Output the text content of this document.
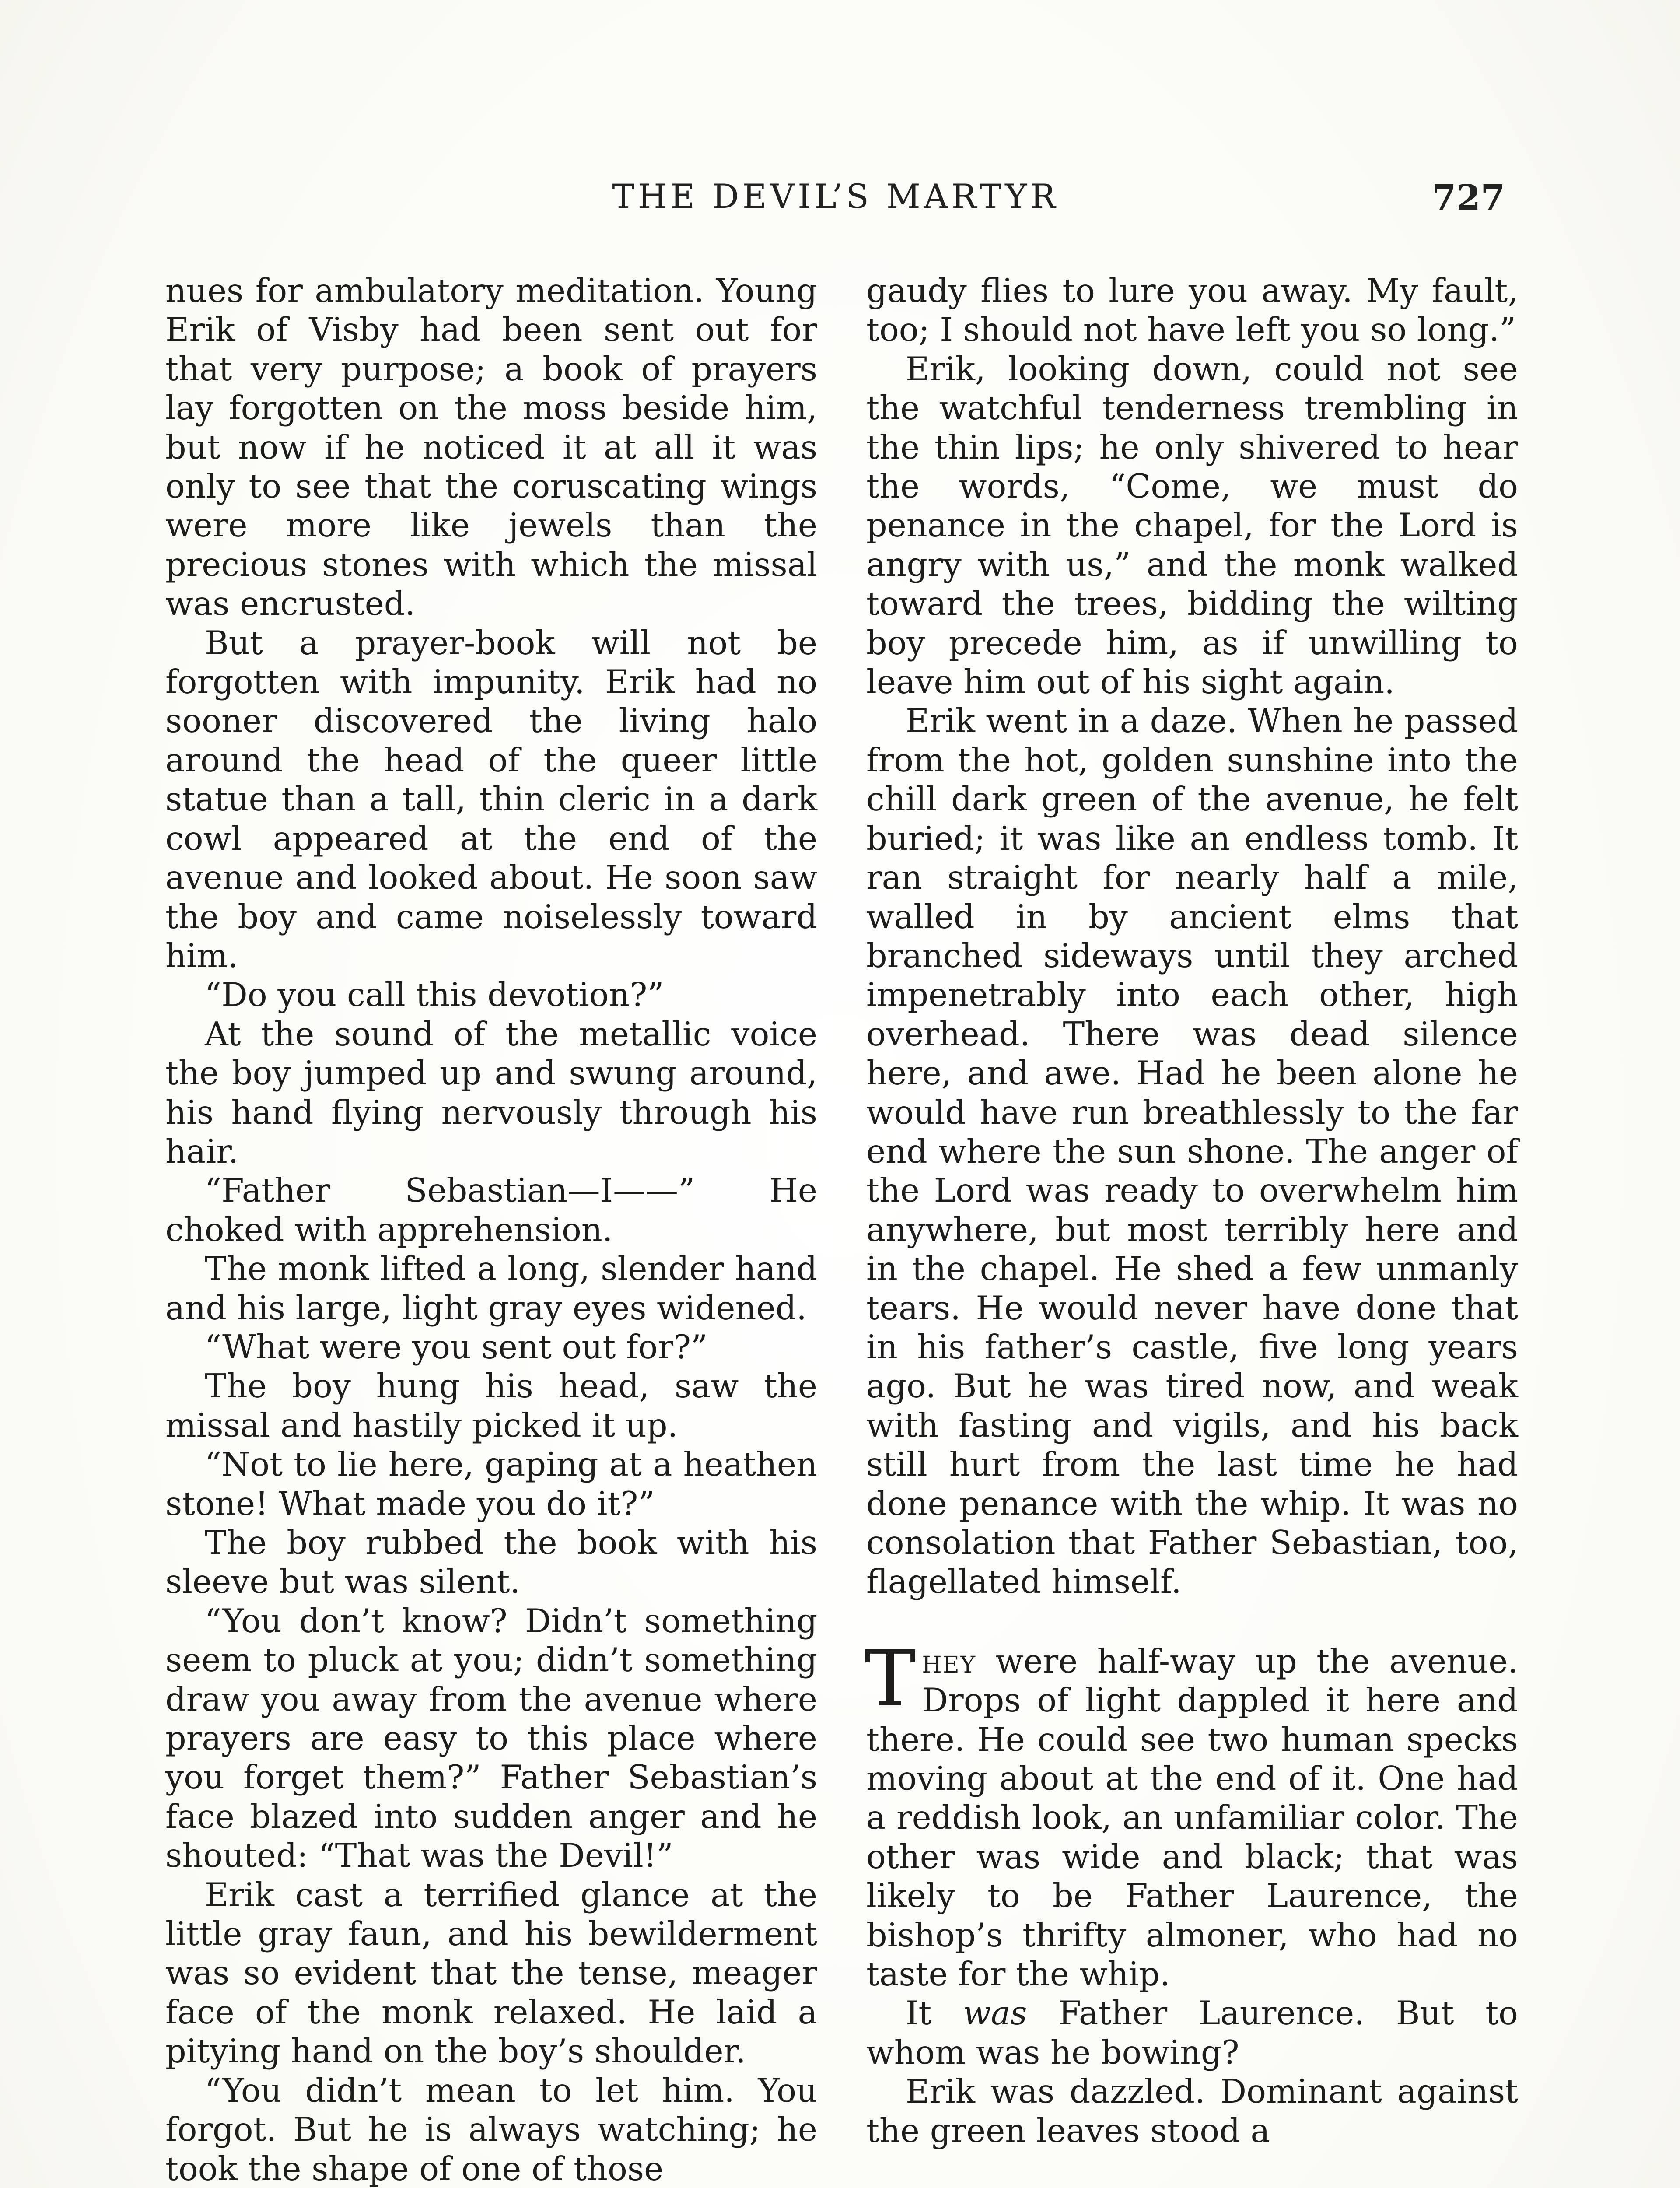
THE DEVIL’S MARTYR	727

nues for ambulatory meditation. Young Erik of Visby had been sent out for that very purpose; a book of prayers lay forgotten on the moss beside him, but now if he noticed it at all it was only to see that the coruscating wings were more like jewels than the precious stones with which the missal was encrusted.

But a prayer-book will not be forgotten with impunity. Erik had no sooner discovered the living halo around the head of the queer little statue than a tall, thin cleric in a dark cowl appeared at the end of the avenue and looked about. He soon saw the boy and came noiselessly toward him.

“Do you call this devotion?”

At the sound of the metallic voice the boy jumped up and swung around, his hand flying nervously through his hair.

“Father Sebastian—I——” He choked with apprehension.

The monk lifted a long, slender hand and his large, light gray eyes widened.

“What were you sent out for?”

The boy hung his head, saw the missal and hastily picked it up.

“Not to lie here, gaping at a heathen stone! What made you do it?”

The boy rubbed the book with his sleeve but was silent.

“You don’t know? Didn’t something seem to pluck at you; didn’t something draw you away from the avenue where prayers are easy to this place where you forget them?” Father Sebastian’s face blazed into sudden anger and he shouted: “That was the Devil!”

Erik cast a terrified glance at the little gray faun, and his bewilderment was so evident that the tense, meager face of the monk relaxed. He laid a pitying hand on the boy’s shoulder.

“You didn’t mean to let him. You forgot. But he is always watching; he took the shape of one of those

gaudy flies to lure you away. My fault, too; I should not have left you so long.”

Erik, looking down, could not see the watchful tenderness trembling in the thin lips; he only shivered to hear the words, “Come, we must do penance in the chapel, for the Lord is angry with us,” and the monk walked toward the trees, bidding the wilting boy precede him, as if unwilling to leave him out of his sight again.

Erik went in a daze. When he passed from the hot, golden sunshine into the chill dark green of the avenue, he felt buried; it was like an endless tomb. It ran straight for nearly half a mile, walled in by ancient elms that branched sideways until they arched impenetrably into each other, high overhead. There was dead silence here, and awe. Had he been alone he would have run breathlessly to the far end where the sun shone. The anger of the Lord was ready to overwhelm him anywhere, but most terribly here and in the chapel. He shed a few unmanly tears. He would never have done that in his father’s castle, five long years ago. But he was tired now, and weak with fasting and vigils, and his back still hurt from the last time he had done penance with the whip. It was no consolation that Father Sebastian, too, flagellated himself.

They were half-way up the avenue. Drops of light dappled it here and there. He could see two human specks moving about at the end of it. One had a reddish look, an unfamiliar color. The other was wide and black; that was likely to be Father Laurence, the bishop’s thrifty almoner, who had no taste for the whip.

It was Father Laurence. But to whom was he bowing?

Erik was dazzled. Dominant against the green leaves stood a
